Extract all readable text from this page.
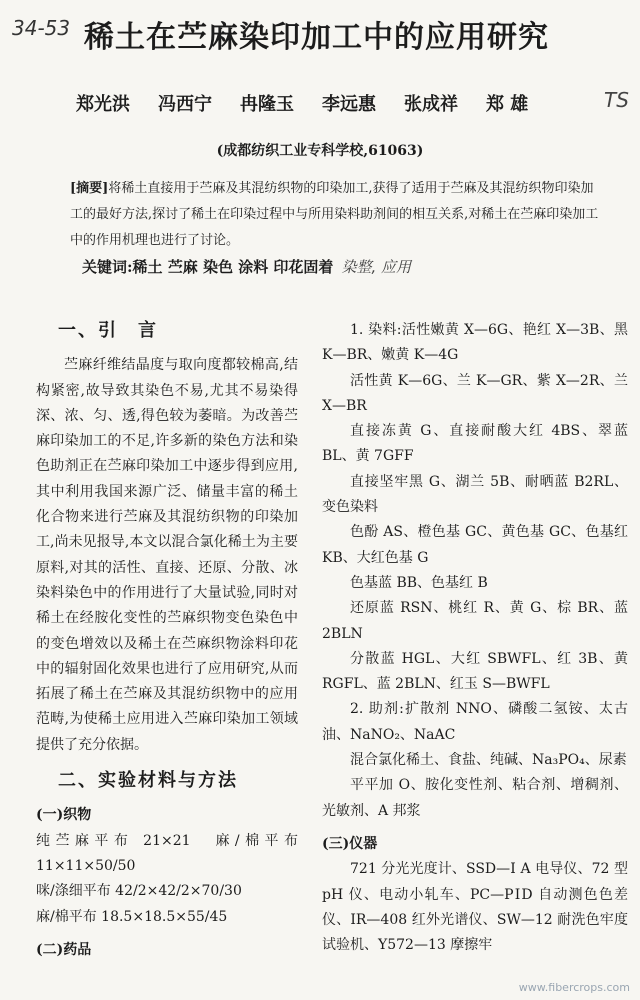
34-53 稀土在苎麻染印加工中的应用研究
郑光洪 冯西宁 冉隆玉 李远惠 张成祥 郑 雄	TS
(成都纺织工业专科学校,61063)
[摘要]将稀土直接用于苎麻及其混纺织物的印染加工,获得了适用于苎麻及其混纺织物印染加工的最好方法,探讨了稀土在印染过程中与所用染料助剂间的相互关系,对稀土在苎麻印染加工中的作用机理也进行了讨论。
关键词:稀土 苎麻 染色 涂料 印花固着 染整, 应用
一、引　言

苎麻纤维结晶度与取向度都较棉高,结构紧密,故导致其染色不易,尤其不易染得深、浓、匀、透,得色较为萎暗。为改善苎麻印染加工的不足,许多新的染色方法和染色助剂正在苎麻印染加工中逐步得到应用,其中利用我国来源广泛、储量丰富的稀土化合物来进行苎麻及其混纺织物的印染加工,尚未见报导,本文以混合氯化稀土为主要原料,对其的活性、直接、还原、分散、冰染料染色中的作用进行了大量试验,同时对稀土在经胺化变性的苎麻织物变色染色中的变色增效以及稀土在苎麻织物涂料印花中的辐射固化效果也进行了应用研究,从而拓展了稀土在苎麻及其混纺织物中的应用范畴,为使稀土应用进入苎麻印染加工领域提供了充分依据。

二、实验材料与方法
(一)织物

纯苎麻平布 21×21　麻/棉平布 11×11×50/50

咪/涤细平布 42/2×42/2×70/30

麻/棉平布 18.5×18.5×55/45

(二)药品

1. 染料:活性嫩黄 X—6G、艳红 X—3B、黑 K—BR、嫩黄 K—4G

活性黄 K—6G、兰 K—GR、紫 X—2R、兰 X—BR

直接冻黄 G、直接耐酸大红 4BS、翠蓝 BL、黄 7GFF

直接坚牢黑 G、湖兰 5B、耐晒蓝 B2RL、变色染料

色酚 AS、橙色基 GC、黄色基 GC、色基红 KB、大红色基 G

色基蓝 BB、色基红 B

还原蓝 RSN、桃红 R、黄 G、棕 BR、蓝 2BLN

分散蓝 HGL、大红 SBWFL、红 3B、黄 RGFL、蓝 2BLN、红玉 S—BWFL

2. 助剂:扩散剂 NNO、磷酸二氢铵、太古油、NaNO₂、NaAC

混合氯化稀土、食盐、纯碱、Na₃PO₄、尿素

平平加 O、胺化变性剂、粘合剂、增稠剂、光敏剂、A 邦浆

(三)仪器

721 分光光度计、SSD—Ⅰ A 电导仪、72 型 pH 仪、电动小轧车、PC—PⅠD 自动测色色差仪、IR—408 红外光谱仪、SW—12 耐洗色牢度试验机、Y572—13 摩擦牢

www.fibercrops.com
